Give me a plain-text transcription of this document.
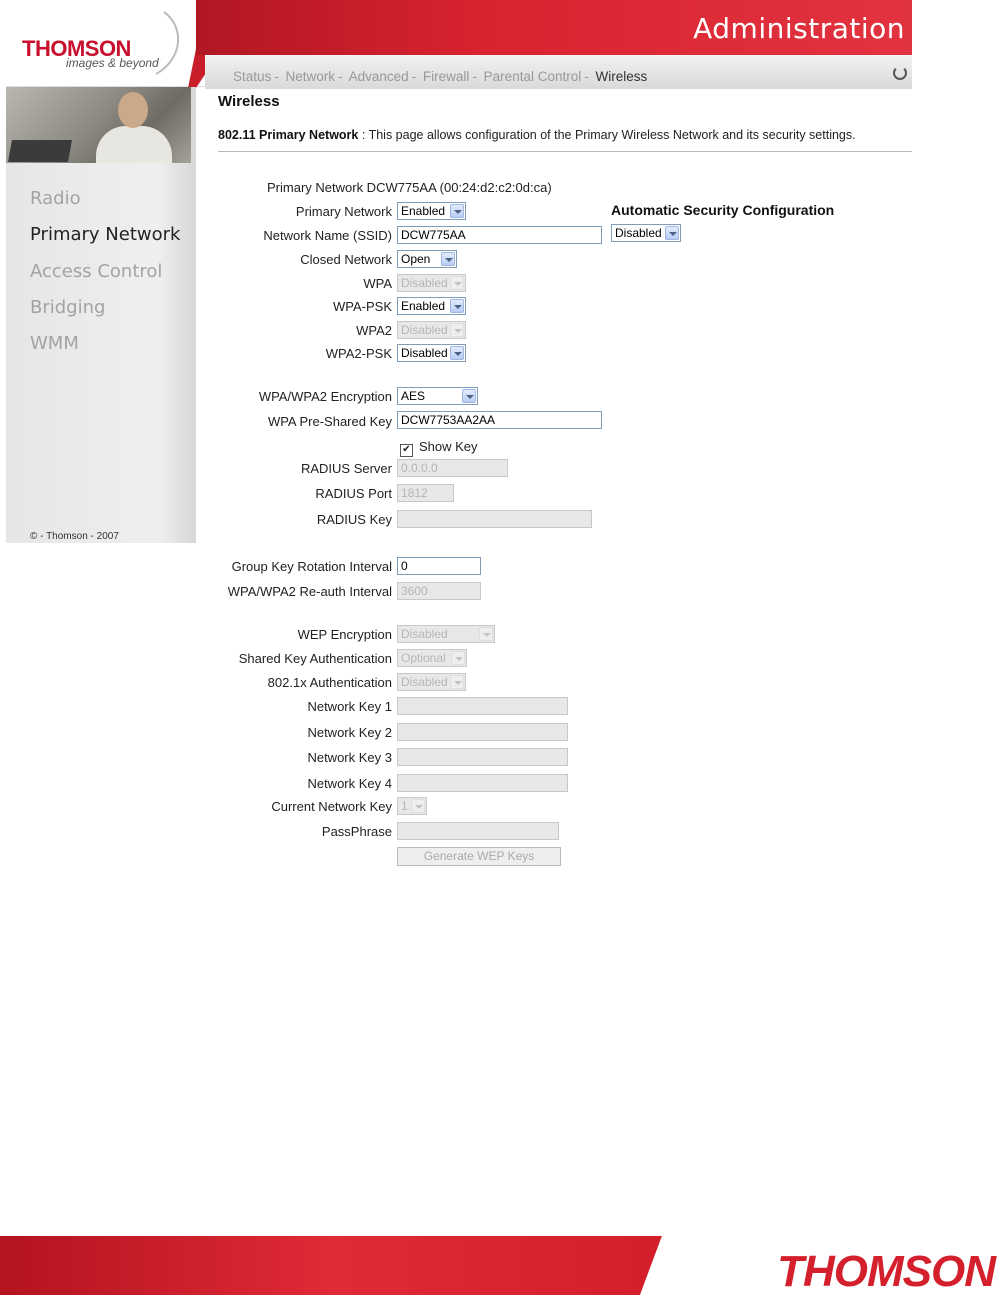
THOMSON
images & beyond
Administration
Status - Network - Advanced - Firewall - Parental Control - Wireless
Radio
Primary Network
Access Control
Bridging
WMM
© - Thomson - 2007
Wireless
802.11 Primary Network : This page allows configuration of the Primary Wireless Network and its security settings.
Primary Network DCW775AA (00:24:d2:c2:0d:ca)
Primary Network Enabled	Automatic Security Configuration
Disabled
Network Name (SSID) DCW775AA
Closed Network Open
WPA Disabled
WPA-PSK Enabled
WPA2 Disabled
WPA2-PSK Disabled
WPA/WPA2 Encryption AES
WPA Pre-Shared Key DCW7753AA2AA
✔ Show Key
RADIUS Server 0.0.0.0
RADIUS Port 1812
RADIUS Key
Group Key Rotation Interval 0
WPA/WPA2 Re-auth Interval 3600
WEP Encryption Disabled
Shared Key Authentication Optional
802.1x Authentication Disabled
Network Key 1
Network Key 2
Network Key 3
Network Key 4
Current Network Key 1
PassPhrase
Generate WEP Keys
THOMSON
